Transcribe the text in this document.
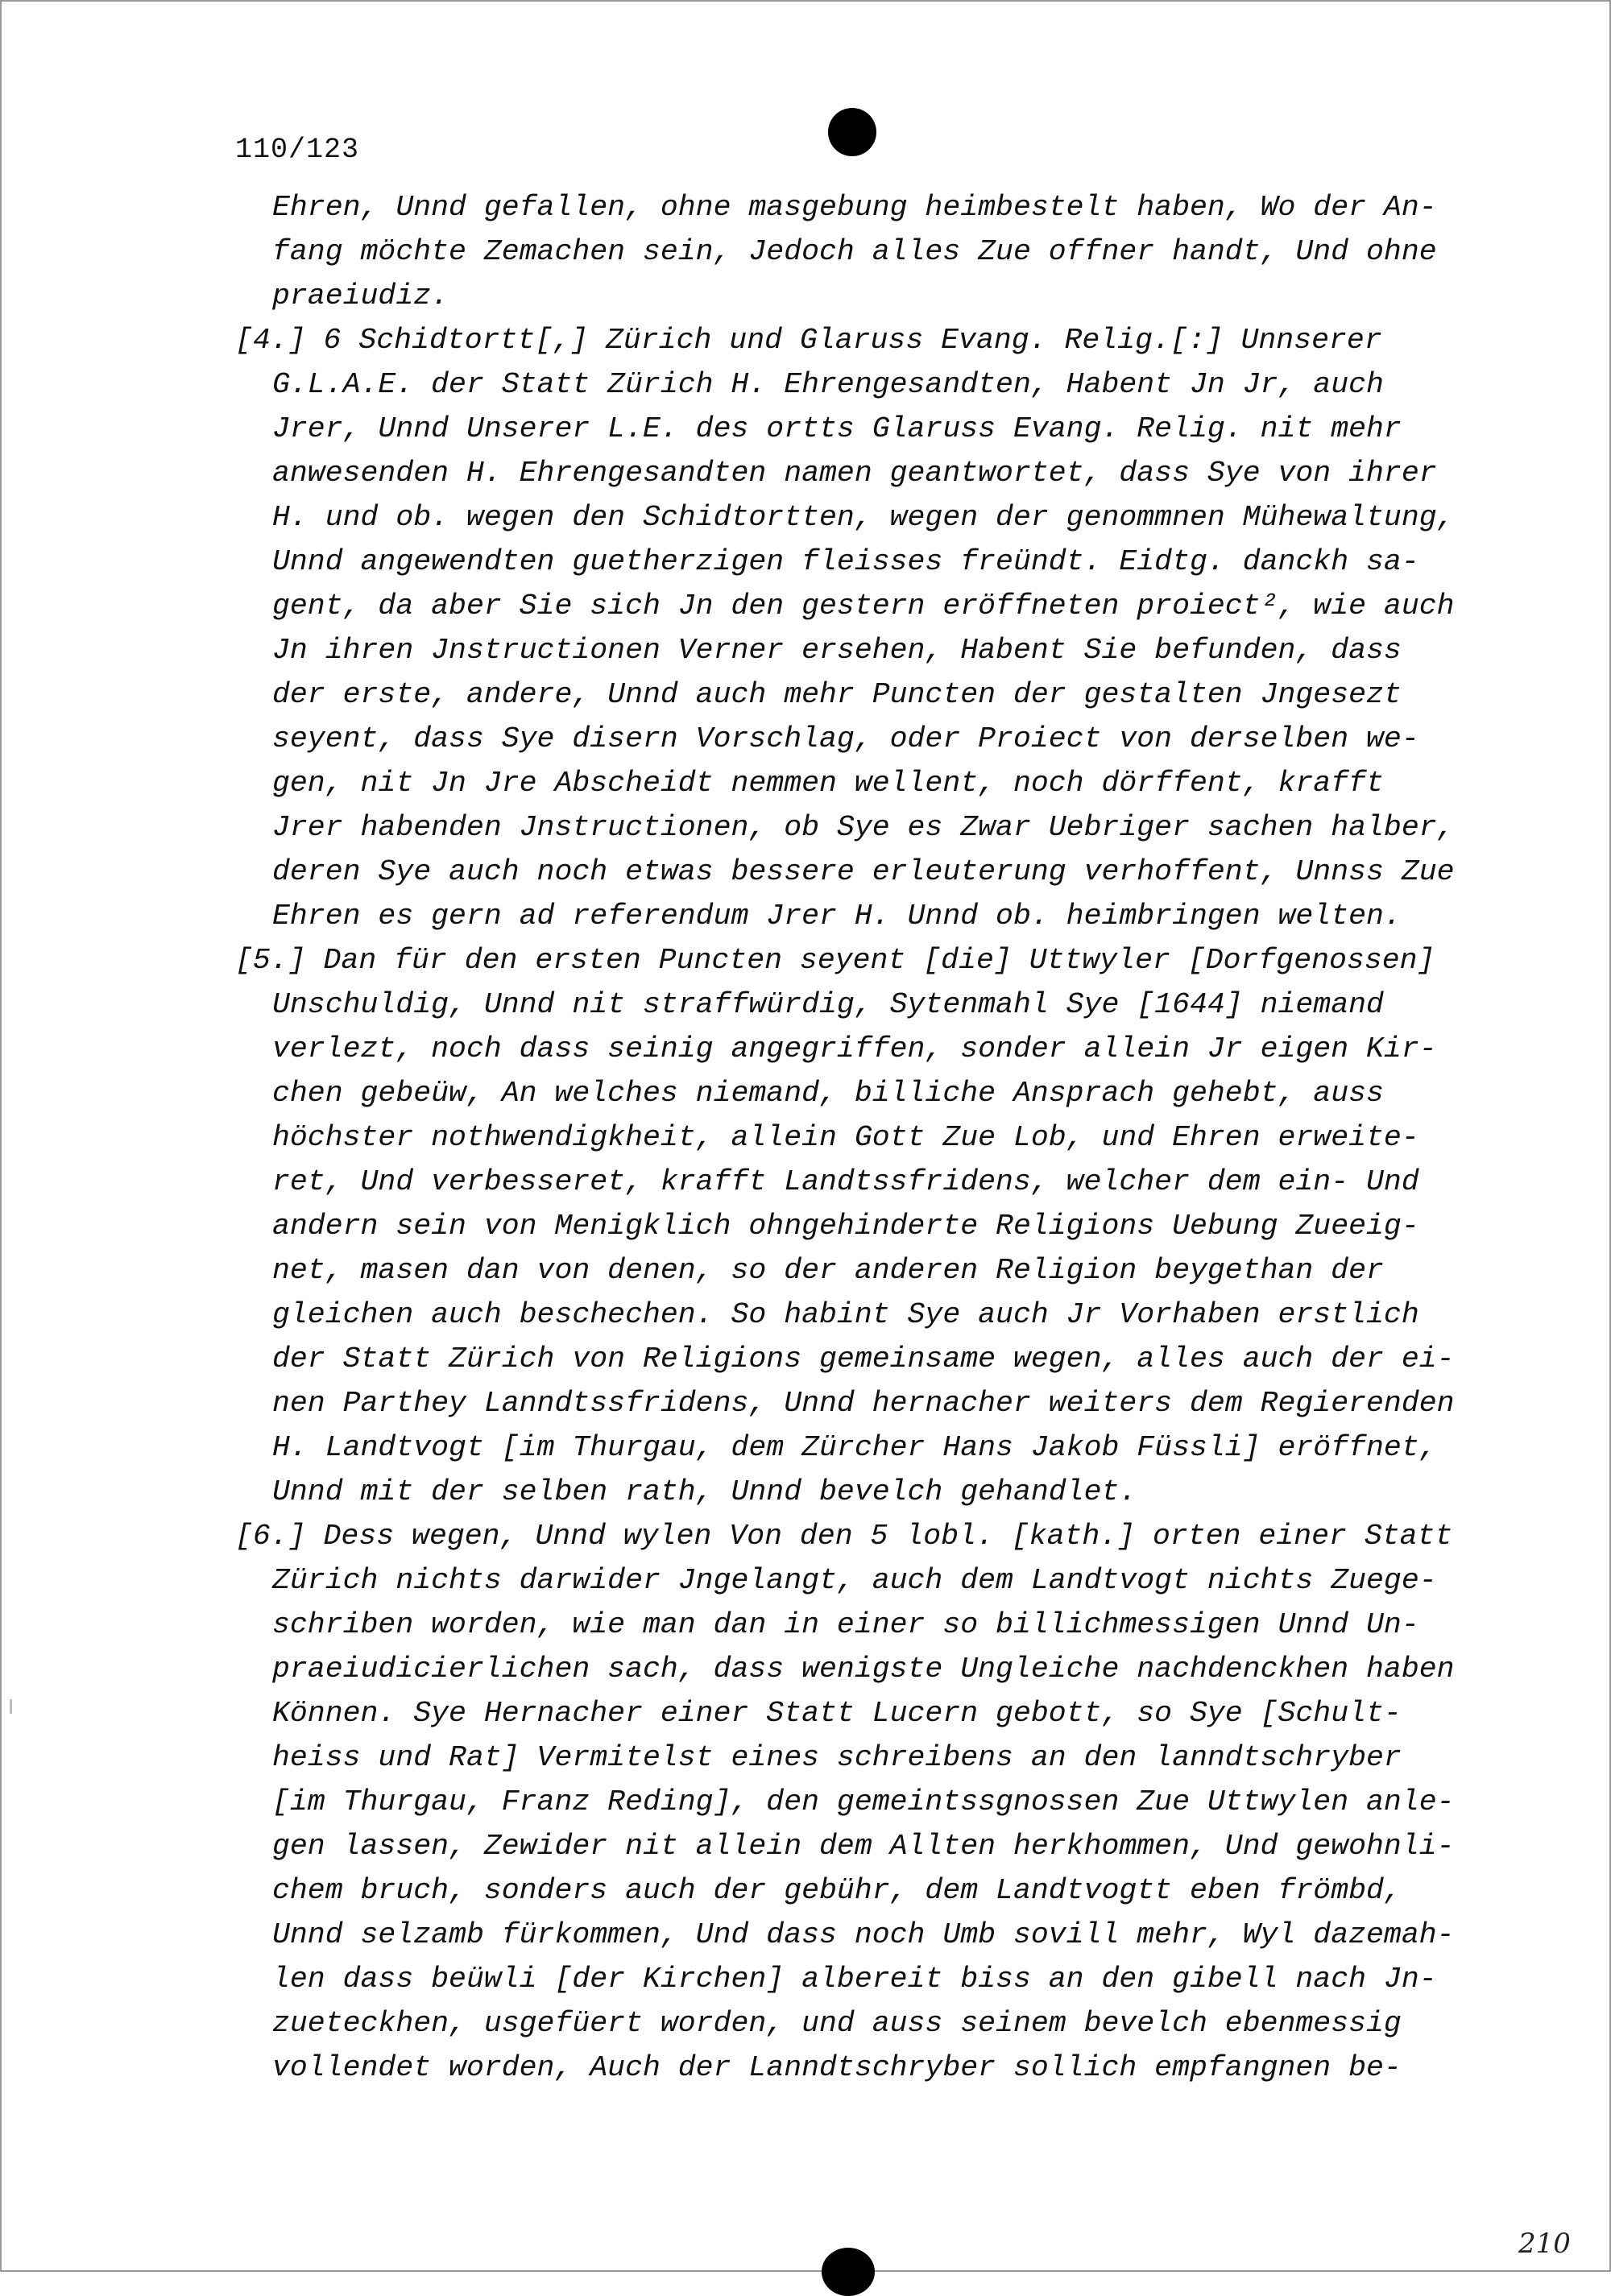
110/123
Ehren, Unnd gefallen, ohne masgebung heimbestelt haben, Wo der An-
fang möchte Zemachen sein, Jedoch alles Zue offner handt, Und ohne
praeiudiz.
[4.] 6 Schidtortt[,] Zürich und Glaruss Evang. Relig.[:] Unnserer
G.L.A.E. der Statt Zürich H. Ehrengesandten, Habent Jn Jr, auch
Jrer, Unnd Unserer L.E. des ortts Glaruss Evang. Relig. nit mehr
anwesenden H. Ehrengesandten namen geantwortet, dass Sye von ihrer
H. und ob. wegen den Schidtortten, wegen der genommnen Mühewaltung,
Unnd angewendten guetherzigen fleisses freündt. Eidtg. danckh sa-
gent, da aber Sie sich Jn den gestern eröffneten proiect², wie auch
Jn ihren Jnstructionen Verner ersehen, Habent Sie befunden, dass
der erste, andere, Unnd auch mehr Puncten der gestalten Jngesezt
seyent, dass Sye disern Vorschlag, oder Proiect von derselben we-
gen, nit Jn Jre Abscheidt nemmen wellent, noch dörffent, krafft
Jrer habenden Jnstructionen, ob Sye es Zwar Uebriger sachen halber,
deren Sye auch noch etwas bessere erleuterung verhoffent, Unnss Zue
Ehren es gern ad referendum Jrer H. Unnd ob. heimbringen welten.
[5.] Dan für den ersten Puncten seyent [die] Uttwyler [Dorfgenossen]
Unschuldig, Unnd nit straffwürdig, Sytenmahl Sye [1644] niemand
verlezt, noch dass seinig angegriffen, sonder allein Jr eigen Kir-
chen gebeüw, An welches niemand, billiche Ansprach gehebt, auss
höchster nothwendigkheit, allein Gott Zue Lob, und Ehren erweite-
ret, Und verbesseret, krafft Landtssfridens, welcher dem ein- Und
andern sein von Menigklich ohngehinderte Religions Uebung Zueeig-
net, masen dan von denen, so der anderen Religion beygethan der
gleichen auch beschechen. So habint Sye auch Jr Vorhaben erstlich
der Statt Zürich von Religions gemeinsame wegen, alles auch der ei-
nen Parthey Lanndtssfridens, Unnd hernacher weiters dem Regierenden
H. Landtvogt [im Thurgau, dem Zürcher Hans Jakob Füssli] eröffnet,
Unnd mit der selben rath, Unnd bevelch gehandlet.
[6.] Dess wegen, Unnd wylen Von den 5 lobl. [kath.] orten einer Statt
Zürich nichts darwider Jngelangt, auch dem Landtvogt nichts Zuege-
schriben worden, wie man dan in einer so billichmessigen Unnd Un-
praeiudicierlichen sach, dass wenigste Ungleiche nachdenckhen haben
Können. Sye Hernacher einer Statt Lucern gebott, so Sye [Schult-
heiss und Rat] Vermitelst eines schreibens an den lanndtschryber
[im Thurgau, Franz Reding], den gemeintssgnossen Zue Uttwylen anle-
gen lassen, Zewider nit allein dem Allten herkhommen, Und gewohnli-
chem bruch, sonders auch der gebühr, dem Landtvogtt eben frömbd,
Unnd selzamb fürkommen, Und dass noch Umb sovill mehr, Wyl dazemah-
len dass beüwli [der Kirchen] albereit biss an den gibell nach Jn-
zueteckhen, usgefüert worden, und auss seinem bevelch ebenmessig
vollendet worden, Auch der Lanndtschryber sollich empfangnen be-
210
